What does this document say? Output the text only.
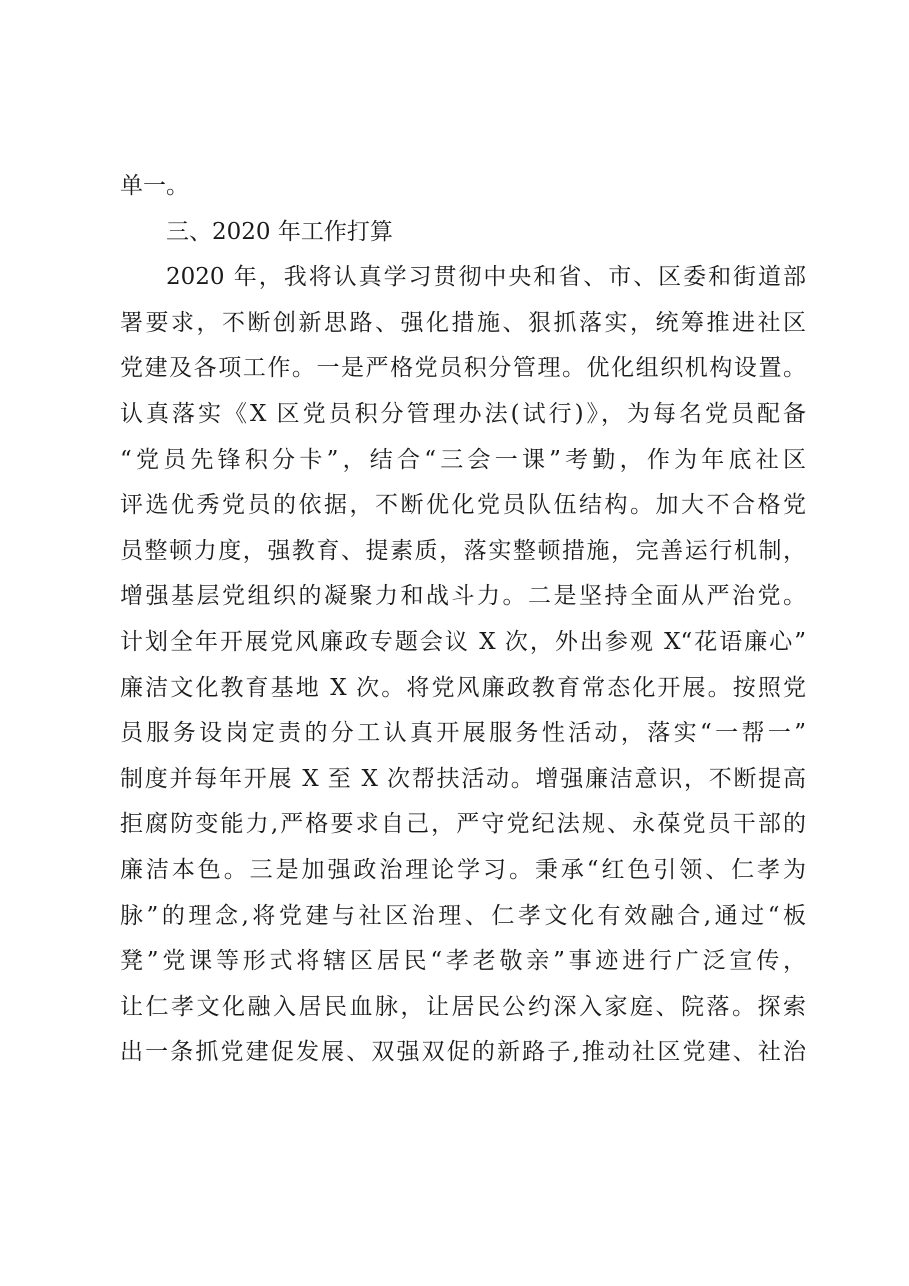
单一。
三、2020 年工作打算
2020 年，我将认真学习贯彻中央和省、市、区委和街道部
署要求，不断创新思路、强化措施、狠抓落实，统筹推进社区
党建及各项工作。一是严格党员积分管理。优化组织机构设置。
认真落实《X 区党员积分管理办法(试行)》，为每名党员配备
“党员先锋积分卡”，结合“三会一课”考勤，作为年底社区
评选优秀党员的依据，不断优化党员队伍结构。加大不合格党
员整顿力度，强教育、提素质，落实整顿措施，完善运行机制，
增强基层党组织的凝聚力和战斗力。二是坚持全面从严治党。
计划全年开展党风廉政专题会议 X 次，外出参观 X“花语廉心”
廉洁文化教育基地 X 次。将党风廉政教育常态化开展。按照党
员服务设岗定责的分工认真开展服务性活动，落实“一帮一”
制度并每年开展 X 至 X 次帮扶活动。增强廉洁意识，不断提高
拒腐防变能力,严格要求自己，严守党纪法规、永葆党员干部的
廉洁本色。三是加强政治理论学习。秉承“红色引领、仁孝为
脉”的理念,将党建与社区治理、仁孝文化有效融合,通过“板
凳”党课等形式将辖区居民“孝老敬亲”事迹进行广泛宣传，
让仁孝文化融入居民血脉，让居民公约深入家庭、院落。探索
出一条抓党建促发展、双强双促的新路子,推动社区党建、社治
